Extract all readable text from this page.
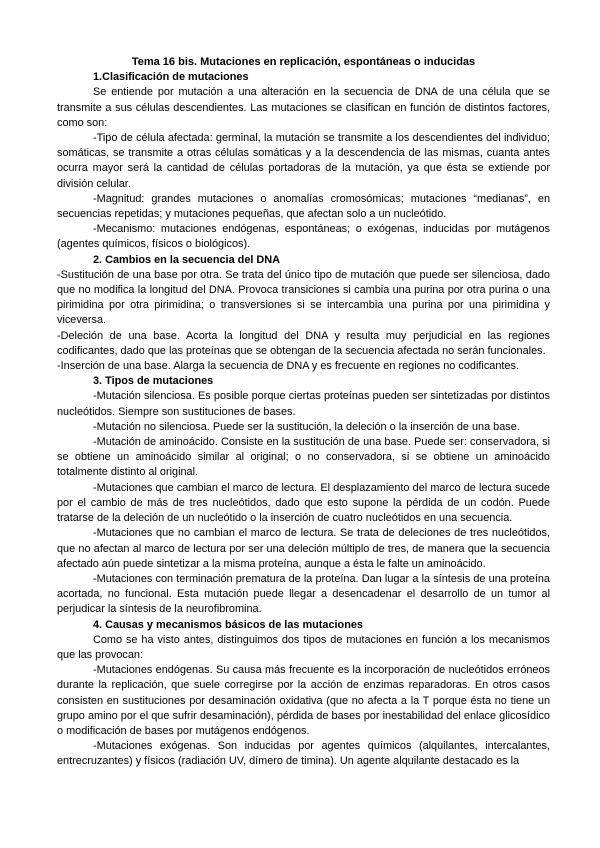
Tema 16 bis. Mutaciones en replicación, espontáneas o inducidas

1.Clasificación de mutaciones

Se entiende por mutación a una alteración en la secuencia de DNA de una célula que se transmite a sus células descendientes. Las mutaciones se clasifican en función de distintos factores, como son:

-Tipo de célula afectada: germinal, la mutación se transmite a los descendientes del individuo; somáticas, se transmite a otras células somáticas y a la descendencia de las mismas, cuanta antes ocurra mayor será la cantidad de células portadoras de la mutación, ya que ésta se extiende por división celular.

-Magnitud: grandes mutaciones o anomalías cromosómicas; mutaciones “medianas”, en secuencias repetidas; y mutaciones pequeñas, que afectan solo a un nucleótido.

-Mecanismo: mutaciones endógenas, espontáneas; o exógenas, inducidas por mutágenos (agentes químicos, físicos o biológicos).

2. Cambios en la secuencia del DNA

-Sustitución de una base por otra. Se trata del único tipo de mutación que puede ser silenciosa, dado que no modifica la longitud del DNA. Provoca transiciones si cambia una purina por otra purina o una pirimidina por otra pirimidina; o transversiones si se intercambia una purina por una pirimidina y viceversa.

-Deleción de una base. Acorta la longitud del DNA y resulta muy perjudicial en las regiones codificantes, dado que las proteínas que se obtengan de la secuencia afectada no serán funcionales.

-Inserción de una base. Alarga la secuencia de DNA y es frecuente en regiones no codificantes.

3. Tipos de mutaciones

-Mutación silenciosa. Es posible porque ciertas proteínas pueden ser sintetizadas por distintos nucleótidos. Siempre son sustituciones de bases.

-Mutación no silenciosa. Puede ser la sustitución, la deleción o la inserción de una base.

-Mutación de aminoácido. Consiste en la sustitución de una base. Puede ser: conservadora, si se obtiene un aminoácido similar al original; o no conservadora, si se obtiene un aminoácido totalmente distinto al original.

-Mutaciones que cambian el marco de lectura. El desplazamiento del marco de lectura sucede por el cambio de más de tres nucleótidos, dado que esto supone la pérdida de un codón. Puede tratarse de la deleción de un nucleótido o la inserción de cuatro nucleótidos en una secuencia.

-Mutaciones que no cambian el marco de lectura. Se trata de deleciones de tres nucleótidos, que no afectan al marco de lectura por ser una deleción múltiplo de tres, de manera que la secuencia afectado aún puede sintetizar a la misma proteína, aunque a ésta le falte un aminoácido.

-Mutaciones con terminación prematura de la proteína. Dan lugar a la síntesis de una proteína acortada, no funcional. Esta mutación puede llegar a desencadenar el desarrollo de un tumor al perjudicar la síntesis de la neurofibromina.

4. Causas y mecanismos básicos de las mutaciones

Como se ha visto antes, distinguimos dos tipos de mutaciones en función a los mecanismos que las provocan:

-Mutaciones endógenas. Su causa más frecuente es la incorporación de nucleótidos erróneos durante la replicación, que suele corregirse por la acción de enzimas reparadoras. En otros casos consisten en sustituciones por desaminación oxidativa (que no afecta a la T porque ésta no tiene un grupo amino por el que sufrir desaminación), pérdida de bases por inestabilidad del enlace glicosídico o modificación de bases por mutágenos endógenos.

-Mutaciones exógenas. Son inducidas por agentes químicos (alquilantes, intercalantes, entrecruzantes) y físicos (radiación UV, dímero de timina). Un agente alquilante destacado es la
